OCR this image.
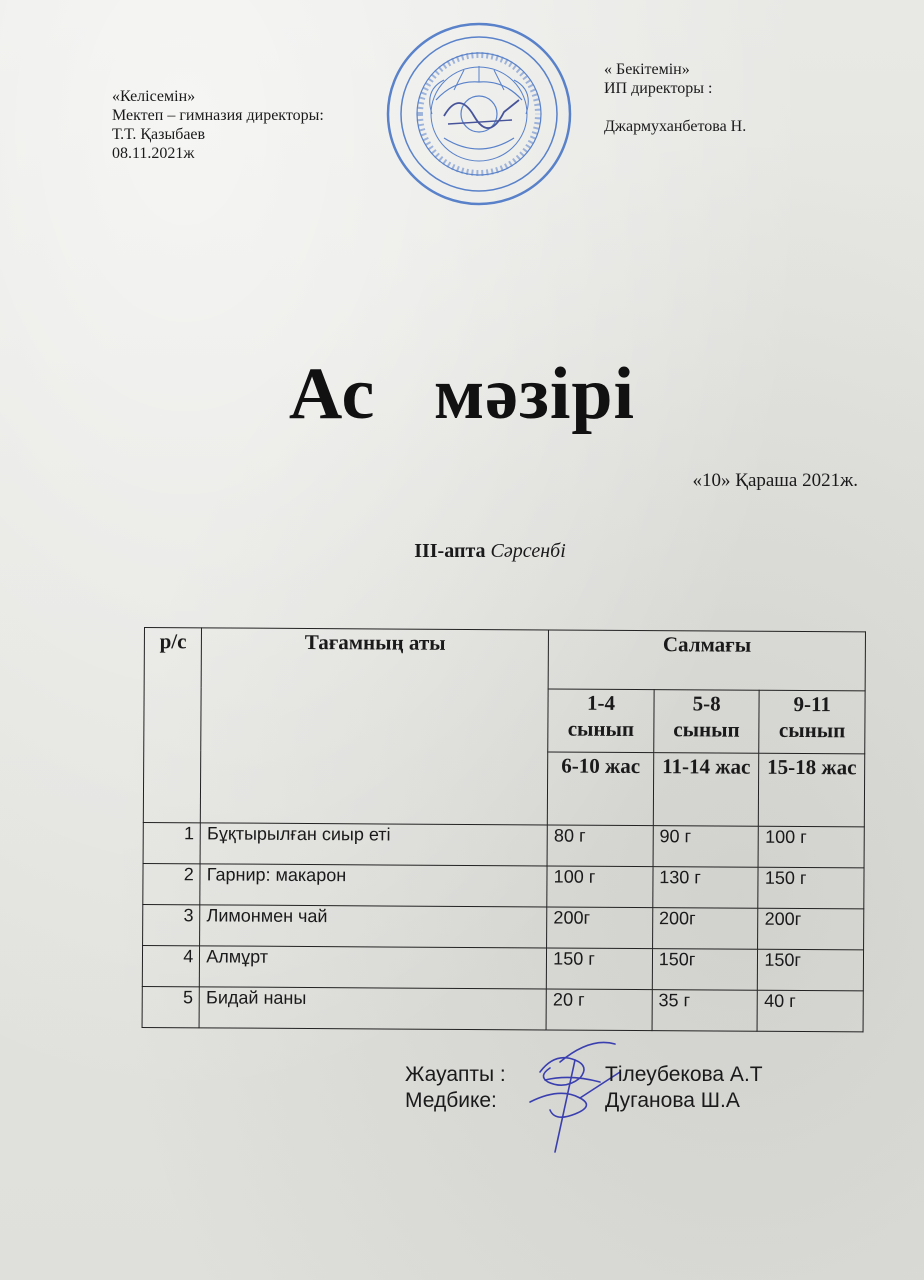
«Келісемін»
Мектеп – гимназия директоры:
Т.Т. Қазыбаев
08.11.2021ж
« Бекітемін»
ИП директоры :

Джармуханбетова Н.
Ас   мәзірі
«10» Қараша 2021ж.
ІІІ-апта Сәрсенбі
р/с	Тағамның аты	Салмағы		
		1-4 сынып	5-8 сынып	9-11 сынып
		6-10 жас	11-14 жас	15-18 жас
1	Бұқтырылған сиыр еті	80 г	90 г	100 г
2	Гарнир: макарон	100 г	130 г	150 г
3	Лимонмен чай	200г	200г	200г
4	Алмұрт	150 г	150г	150г
5	Бидай наны	20 г	35 г	40 г
Жауапты :	Тілеубекова А.Т
Медбике:	Дуганова Ш.А
